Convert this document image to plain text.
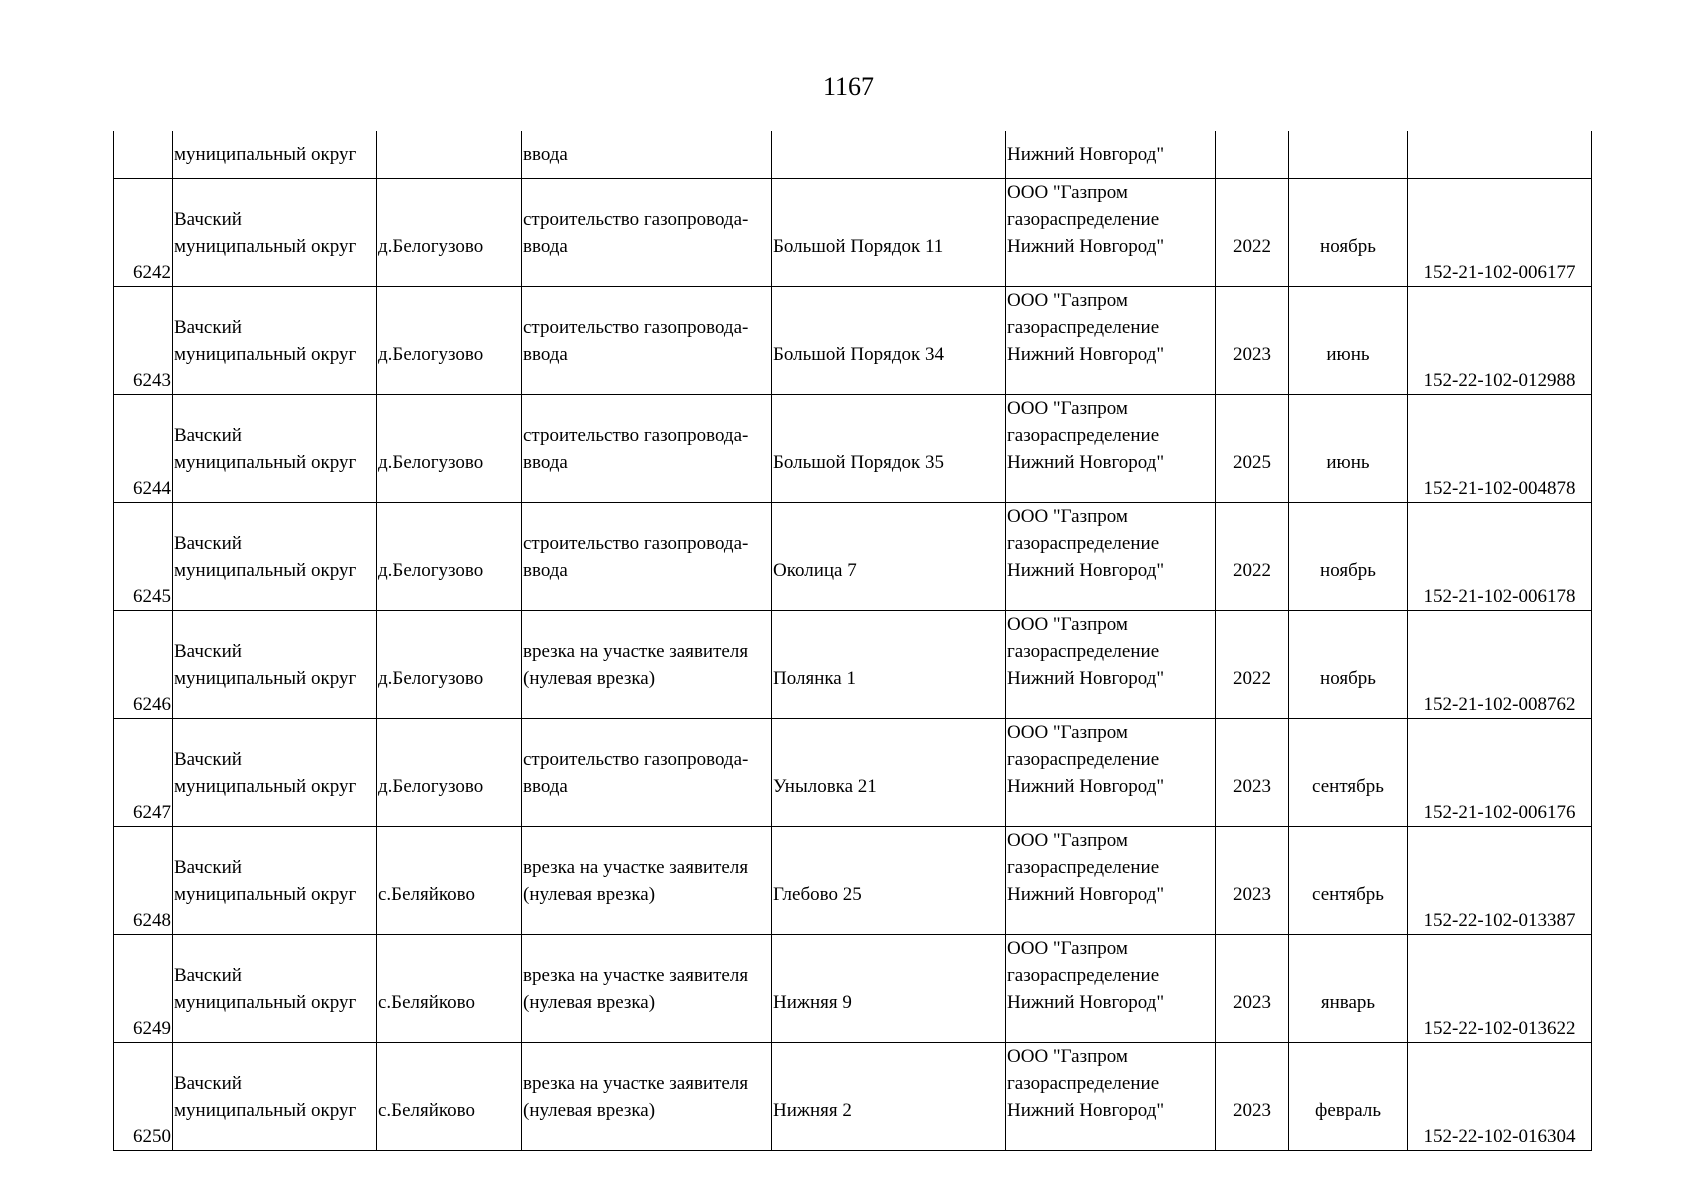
1167
	муниципальный округ		ввода		Нижний Новгород"			

6242	Вачский
муниципальный округ	д.Белогузово	строительство газопровода-
ввода	Большой Порядок 11	ООО "Газпром
газораспределение
Нижний Новгород"	2022	ноябрь	152-21-102-006177

6243	Вачский
муниципальный округ	д.Белогузово	строительство газопровода-
ввода	Большой Порядок 34	ООО "Газпром
газораспределение
Нижний Новгород"	2023	июнь	152-22-102-012988

6244	Вачский
муниципальный округ	д.Белогузово	строительство газопровода-
ввода	Большой Порядок 35	ООО "Газпром
газораспределение
Нижний Новгород"	2025	июнь	152-21-102-004878

6245	Вачский
муниципальный округ	д.Белогузово	строительство газопровода-
ввода	Околица 7	ООО "Газпром
газораспределение
Нижний Новгород"	2022	ноябрь	152-21-102-006178

6246	Вачский
муниципальный округ	д.Белогузово	врезка на участке заявителя
(нулевая врезка)	Полянка 1	ООО "Газпром
газораспределение
Нижний Новгород"	2022	ноябрь	152-21-102-008762

6247	Вачский
муниципальный округ	д.Белогузово	строительство газопровода-
ввода	Уныловка 21	ООО "Газпром
газораспределение
Нижний Новгород"	2023	сентябрь	152-21-102-006176

6248	Вачский
муниципальный округ	с.Беляйково	врезка на участке заявителя
(нулевая врезка)	Глебово 25	ООО "Газпром
газораспределение
Нижний Новгород"	2023	сентябрь	152-22-102-013387

6249	Вачский
муниципальный округ	с.Беляйково	врезка на участке заявителя
(нулевая врезка)	Нижняя 9	ООО "Газпром
газораспределение
Нижний Новгород"	2023	январь	152-22-102-013622

6250	Вачский
муниципальный округ	с.Беляйково	врезка на участке заявителя
(нулевая врезка)	Нижняя 2	ООО "Газпром
газораспределение
Нижний Новгород"	2023	февраль	152-22-102-016304
